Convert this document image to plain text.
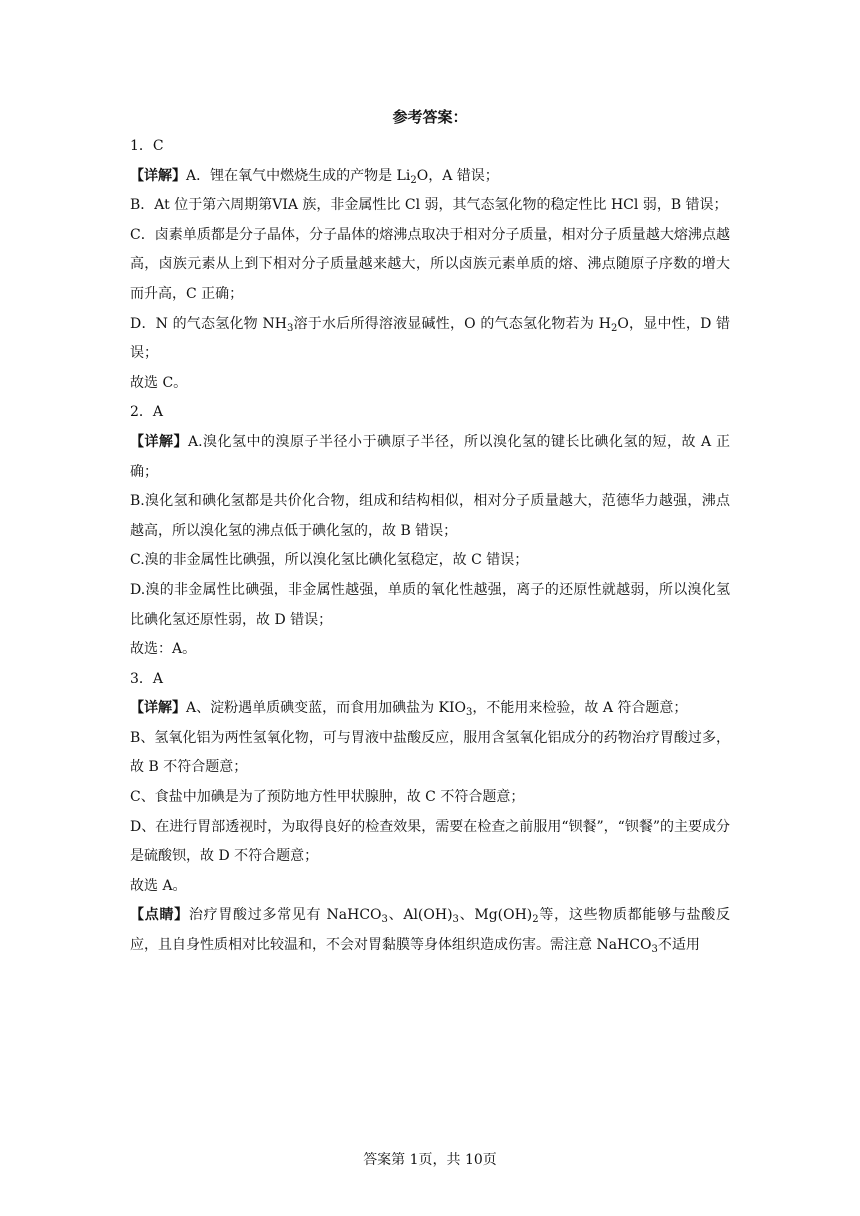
参考答案：

1．C

【详解】A．锂在氧气中燃烧生成的产物是 $Li_2O$，A 错误；

B．At 位于第六周期第VIA 族，非金属性比 Cl 弱，其气态氢化物的稳定性比 HCl 弱，B 错误；

C．卤素单质都是分子晶体，分子晶体的熔沸点取决于相对分子质量，相对分子质量越大熔沸点越高，卤族元素从上到下相对分子质量越来越大，所以卤族元素单质的熔、沸点随原子序数的增大而升高，C 正确；

D．N 的气态氢化物 $NH_3$溶于水后所得溶液显碱性，O 的气态氢化物若为 $H_2O$，显中性，D 错误；

故选 C。

2．A

【详解】A.溴化氢中的溴原子半径小于碘原子半径，所以溴化氢的键长比碘化氢的短，故 A 正确；

B.溴化氢和碘化氢都是共价化合物，组成和结构相似，相对分子质量越大，范德华力越强，沸点越高，所以溴化氢的沸点低于碘化氢的，故 B 错误；

C.溴的非金属性比碘强，所以溴化氢比碘化氢稳定，故 C 错误；

D.溴的非金属性比碘强，非金属性越强，单质的氧化性越强，离子的还原性就越弱，所以溴化氢比碘化氢还原性弱，故 D 错误；

故选：A。

3．A

【详解】A、淀粉遇单质碘变蓝，而食用加碘盐为 $KIO_3$，不能用来检验，故 A 符合题意；

B、氢氧化铝为两性氢氧化物，可与胃液中盐酸反应，服用含氢氧化铝成分的药物治疗胃酸过多，故 B 不符合题意；

C、食盐中加碘是为了预防地方性甲状腺肿，故 C 不符合题意；

D、在进行胃部透视时，为取得良好的检查效果，需要在检查之前服用“钡餐”，“钡餐”的主要成分是硫酸钡，故 D 不符合题意；

故选 A。

【点睛】治疗胃酸过多常见有 NaHCO$_3$、$Al(OH)_3$、$Mg(OH)_2$等，这些物质都能够与盐酸反应，且自身性质相对比较温和，不会对胃黏膜等身体组织造成伤害。需注意 NaHCO$_3$不适用

答案第 1页，共 10页
